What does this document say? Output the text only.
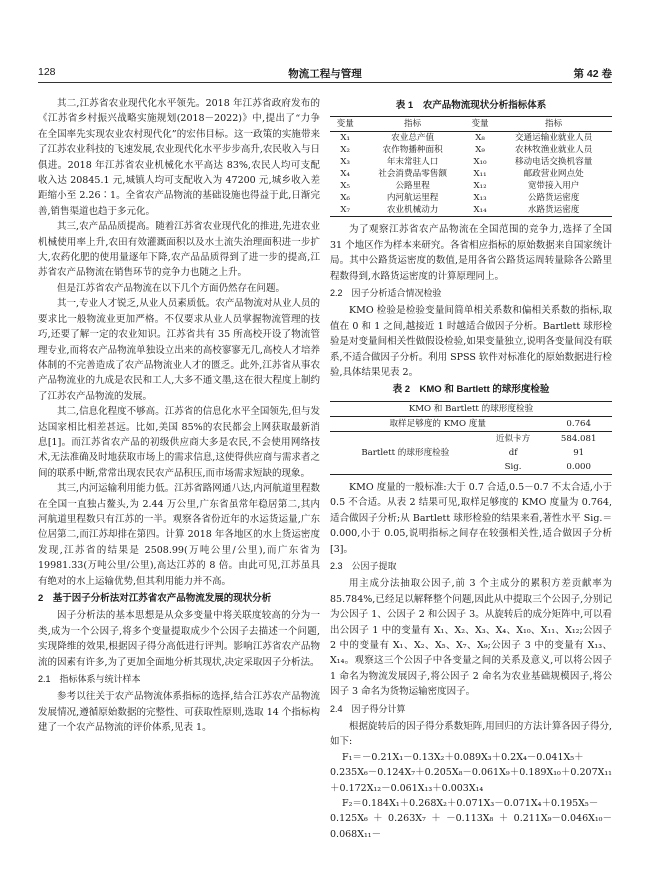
128	物流工程与管理	第 42 卷

其二,江苏省农业现代化水平领先。2018 年江苏省政府发布的《江苏省乡村振兴战略实施规划(2018－2022)》中,提出了“力争在全国率先实现农业农村现代化”的宏伟目标。这一政策的实施带来了江苏农业科技的飞速发展,农业现代化水平步步高升,农民收入与日俱进。2018 年江苏省农业机械化水平高达 83%,农民人均可支配收入达 20845.1 元,城镇人均可支配收入为 47200 元,城乡收入差距缩小至 2.26∶1。全省农产品物流的基础设施也得益于此,日渐完善,销售渠道也趋于多元化。

其三,农产品品质提高。随着江苏省农业现代化的推进,先进农业机械使用率上升,农田有效灌溉面积以及水土流失治理面积进一步扩大,农药化肥的使用量逐年下降,农产品品质得到了进一步的提高,江苏省农产品物流在销售环节的竞争力也随之上升。

但是江苏省农产品物流在以下几个方面仍然存在问题。

其一,专业人才锐乏,从业人员素质低。农产品物流对从业人员的要求比一般物流业更加严格。不仅要求从业人员掌握物流管理的技巧,还要了解一定的农业知识。江苏省共有 35 所高校开设了物流管理专业,而将农产品物流单独设立出来的高校寥寥无几,高校人才培养体制的不完善造成了农产品物流业人才的匮乏。此外,江苏省从事农产品物流业的九成是农民和工人,大多不通文墨,这在很大程度上制约了江苏农产品物流的发展。

其二,信息化程度不够高。江苏省的信息化水平全国领先,但与发达国家相比相差甚远。比如,美国 85%的农民都会上网获取最新消息[1]。而江苏省农产品的初级供应商大多是农民,不会使用网络技术,无法准确及时地获取市场上的需求信息,这使得供应商与需求者之间的联系中断,常常出现农民农产品积压,而市场需求短缺的现象。

其三,内河运输利用能力低。江苏省路网通八达,内河航道里程数在全国一直独占鳌头,为 2.44 万公里,广东省虽常年稳居第二,其内河航道里程数只有江苏的一半。观察各省份近年的水运货运量,广东位居第二,而江苏却排在第四。计算 2018 年各地区的水上货运密度发现,江苏省的结果是 2508.99(万吨公里/公里),而广东省为 19981.33(万吨公里/公里),高达江苏的 8 倍。由此可见,江苏虽具有绝对的水上运输优势,但其利用能力并不高。

2　基于因子分析法对江苏省农产品物流发展的现状分析

因子分析法的基本思想是从众多变量中将关联度较高的分为一类,成为一个公因子,将多个变量提取成少个公因子去描述一个问题,实现降维的效果,根据因子得分高低进行评判。影响江苏省农产品物流的因素有许多,为了更加全面地分析其现状,决定采取因子分析法。

2.1　指标体系与统计样本

参考以往关于农产品物流体系指标的选择,结合江苏农产品物流发展情况,遵循原始数据的完整性、可获取性原则,选取 14 个指标构建了一个农产品物流的评价体系,见表 1。

表 1　农产品物流现状分析指标体系
变量	指标	变量	指标
X₁	农业总产值	X₈	交通运输业就业人员
X₂	农作物播种面积	X₉	农林牧渔业就业人员
X₃	年末常驻人口	X₁₀	移动电话交换机容量
X₄	社会消费品零售额	X₁₁	邮政营业网点处
X₅	公路里程	X₁₂	宽带接入用户
X₆	内河航运里程	X₁₃	公路货运密度
X₇	农业机械动力	X₁₄	水路货运密度

为了观察江苏省农产品物流在全国范围的竞争力,选择了全国 31 个地区作为样本来研究。各省相应指标的原始数据来自国家统计局。其中公路货运密度的数值,是用各省公路货运周转量除各公路里程数得到,水路货运密度的计算原理同上。

2.2　因子分析适合情况检验

KMO 检验是检验变量间简单相关系数和偏相关系数的指标,取值在 0 和 1 之间,越接近 1 时越适合做因子分析。Bartlett 球形检验是对变量间相关性做假设检验,如果变量独立,说明各变量间没有联系,不适合做因子分析。利用 SPSS 软件对标准化的原始数据进行检验,具体结果见表 2。

表 2　KMO 和 Bartlett 的球形度检验
KMO 和 Bartlett 的球形度检验		
取样足够度的 KMO 度量		0.764
Bartlett 的球形度检验	近似卡方	584.081
	df	91
	Sig.	0.000

KMO 度量的一般标准:大于 0.7 合适,0.5－0.7 不太合适,小于 0.5 不合适。从表 2 结果可见,取样足够度的 KMO 度量为 0.764,适合做因子分析;从 Bartlett 球形检验的结果来看,著性水平 Sig.＝0.000,小于 0.05,说明指标之间存在较强相关性,适合做因子分析[3]。

2.3　公因子提取

用主成分法抽取公因子,前 3 个主成分的累积方差贡献率为 85.784%,已经足以解释整个问题,因此从中提取三个公因子,分别记为公因子 1、公因子 2 和公因子 3。从旋转后的成分矩阵中,可以看出公因子 1 中的变量有 X₁、X₂、X₃、X₄、X₁₀、X₁₁、X₁₂;公因子 2 中的变量有 X₁、X₂、X₅、X₇、X₉;公因子 3 中的变量有 X₁₃、X₁₄。观察这三个公因子中各变量之间的关系及意义,可以将公因子 1 命名为物流发展因子,将公因子 2 命名为农业基础规模因子,将公因子 3 命名为货物运输密度因子。

2.4　因子得分计算

根据旋转后的因子得分系数矩阵,用回归的方法计算各因子得分,如下:

F₁＝－0.21X₁－0.13X₂＋0.089X₃＋0.2X₄－0.041X₅＋

0.235X₆－0.124X₇＋0.205X₈－0.061X₉＋0.189X₁₀＋0.207X₁₁＋0.172X₁₂－0.061X₁₃＋0.003X₁₄

F₂＝0.184X₁＋0.268X₂＋0.071X₃－0.071X₄＋0.195X₅－

0.125X₆＋0.263X₇＋－0.113X₈＋0.211X₉－0.046X₁₀－0.068X₁₁－
